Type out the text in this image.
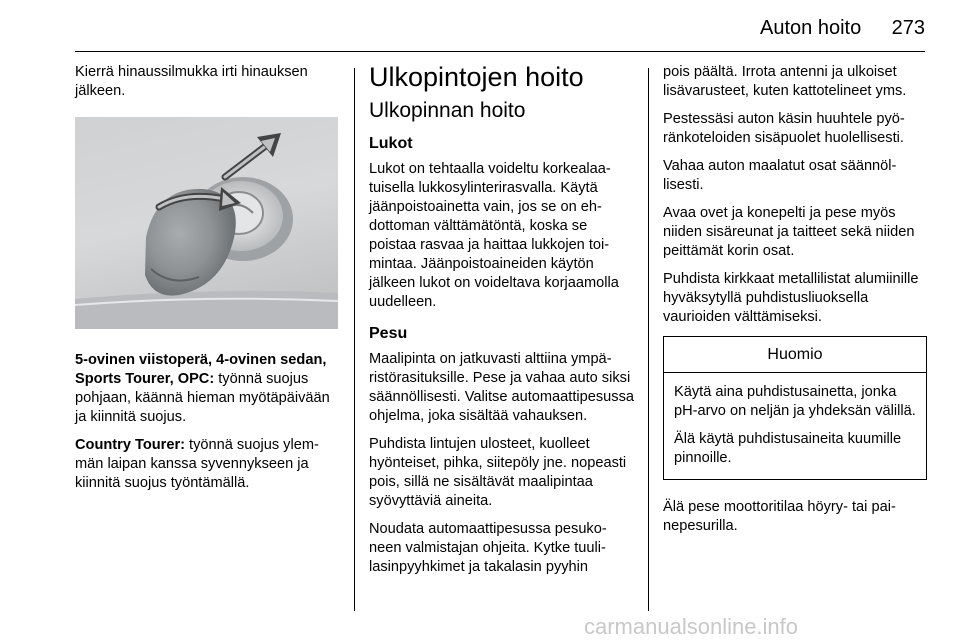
Auton hoito	273

Kierrä hinaussilmukka irti hinauksen jälkeen.

5-ovinen viistoperä, 4-ovinen sedan, Sports Tourer, OPC: työnnä suojus pohjaan, käännä hieman myötäpäivään ja kiinnitä suojus.

Country Tourer: työnnä suojus ylemmän laipan kanssa syvennykseen ja kiinnitä suojus työntämällä.

Ulkopintojen hoito
Ulkopinnan hoito
Lukot

Lukot on tehtaalla voideltu korkealaatuisella lukkosylinterirasvalla. Käytä jäänpoistoainetta vain, jos se on ehdottoman välttämätöntä, koska se poistaa rasvaa ja haittaa lukkojen toimintaa. Jäänpoistoaineiden käytön jälkeen lukot on voideltava korjaamolla uudelleen.

Pesu

Maalipinta on jatkuvasti alttiina ympäristörasituksille. Pese ja vahaa auto siksi säännöllisesti. Valitse automaattipesussa ohjelma, joka sisältää vahauksen.

Puhdista lintujen ulosteet, kuolleet hyönteiset, pihka, siitepöly jne. nopeasti pois, sillä ne sisältävät maalipintaa syövyttäviä aineita.

Noudata automaattipesussa pesukoneen valmistajan ohjeita. Kytke tuulilasinpyyhkimet ja takalasin pyyhin

pois päältä. Irrota antenni ja ulkoiset lisävarusteet, kuten kattotelineet yms.

Pestessäsi auton käsin huuhtele pyöränkoteloiden sisäpuolet huolellisesti.

Vahaa auton maalatut osat säännöllisesti.

Avaa ovet ja konepelti ja pese myös niiden sisäreunat ja taitteet sekä niiden peittämät korin osat.

Puhdista kirkkaat metallilistat alumiinille hyväksytyllä puhdistusliuoksella vaurioiden välttämiseksi.

Huomio

Käytä aina puhdistusainetta, jonka pH-arvo on neljän ja yhdeksän välillä.

Älä käytä puhdistusaineita kuumille pinnoille.

Älä pese moottoritilaa höyry- tai painepesurilla.

carmanualsonline.info
